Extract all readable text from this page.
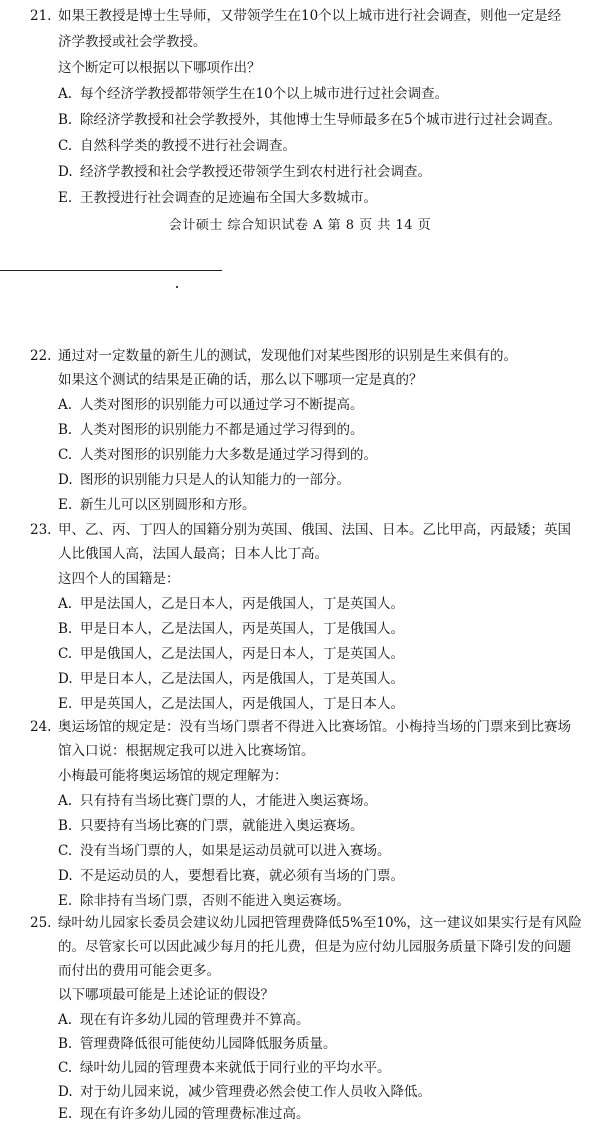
21. 如果王教授是博士生导师，又带领学生在10个以上城市进行社会调查，则他一定是经
济学教授或社会学教授。
这个断定可以根据以下哪项作出？
A. 每个经济学教授都带领学生在10个以上城市进行过社会调查。
B. 除经济学教授和社会学教授外，其他博士生导师最多在5个城市进行过社会调查。
C. 自然科学类的教授不进行社会调查。
D. 经济学教授和社会学教授还带领学生到农村进行社会调查。
E. 王教授进行社会调查的足迹遍布全国大多数城市。
会计硕士 综合知识试卷 A 第 8 页 共 14 页
22. 通过对一定数量的新生儿的测试，发现他们对某些图形的识别是生来俱有的。
如果这个测试的结果是正确的话，那么以下哪项一定是真的？
A. 人类对图形的识别能力可以通过学习不断提高。
B. 人类对图形的识别能力不都是通过学习得到的。
C. 人类对图形的识别能力大多数是通过学习得到的。
D. 图形的识别能力只是人的认知能力的一部分。
E. 新生儿可以区别圆形和方形。
23. 甲、乙、丙、丁四人的国籍分别为英国、俄国、法国、日本。乙比甲高，丙最矮；英国
人比俄国人高，法国人最高；日本人比丁高。
这四个人的国籍是：
A. 甲是法国人，乙是日本人，丙是俄国人，丁是英国人。
B. 甲是日本人，乙是法国人，丙是英国人，丁是俄国人。
C. 甲是俄国人，乙是法国人，丙是日本人，丁是英国人。
D. 甲是日本人，乙是法国人，丙是俄国人，丁是英国人。
E. 甲是英国人，乙是法国人，丙是俄国人，丁是日本人。
24. 奥运场馆的规定是：没有当场门票者不得进入比赛场馆。小梅持当场的门票来到比赛场
馆入口说：根据规定我可以进入比赛场馆。
小梅最可能将奥运场馆的规定理解为：
A. 只有持有当场比赛门票的人，才能进入奥运赛场。
B. 只要持有当场比赛的门票，就能进入奥运赛场。
C. 没有当场门票的人，如果是运动员就可以进入赛场。
D. 不是运动员的人，要想看比赛，就必须有当场的门票。
E. 除非持有当场门票，否则不能进入奥运赛场。
25. 绿叶幼儿园家长委员会建议幼儿园把管理费降低5%至10%，这一建议如果实行是有风险
的。尽管家长可以因此减少每月的托儿费，但是为应付幼儿园服务质量下降引发的问题
而付出的费用可能会更多。
以下哪项最可能是上述论证的假设？
A. 现在有许多幼儿园的管理费并不算高。
B. 管理费降低很可能使幼儿园降低服务质量。
C. 绿叶幼儿园的管理费本来就低于同行业的平均水平。
D. 对于幼儿园来说，减少管理费必然会使工作人员收入降低。
E. 现在有许多幼儿园的管理费标准过高。
